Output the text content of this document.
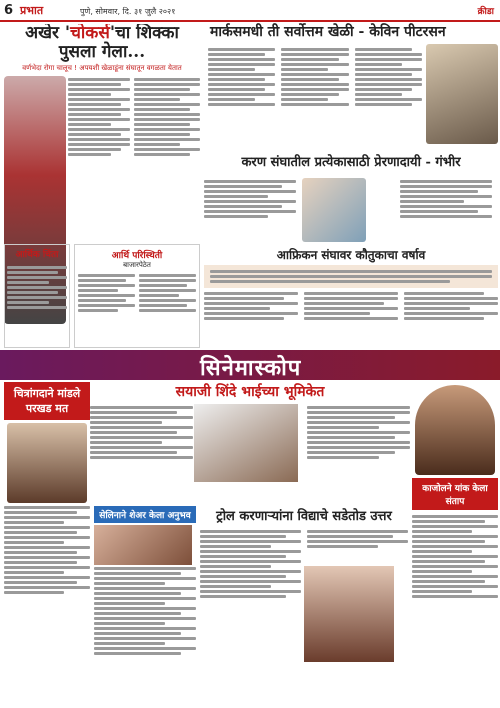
6 प्रभात	पुणे, सोमवार, दि. ३१ जुलै २०२१	क्रीडा
अखेर 'चोकर्स'चा शिक्का पुसला गेला...
वर्णभेदा रोगा चालूच ! अपयशी खेळाडूंना संघातून वगळता येतात
मार्कसमधी ती सर्वोत्तम खेळी - केविन पीटरसन
करण संघातील प्रत्येकासाठी प्रेरणादायी - गंभीर
आफ्रिकन संघावर कौतुकाचा वर्षाव
आर्थिक चिंता	आर्थि परिस्थिती
बाजारपेठेत
सिनेमास्कोप
चित्रांगदाने मांडले परखड मत
सयाजी शिंदे भाईच्या भूमिकेत
काजोलने यांक केला संताप
सेलिनाने शेअर केला अनुभव	ट्रोल करणाऱ्यांना विद्याचे सडेतोड उत्तर
